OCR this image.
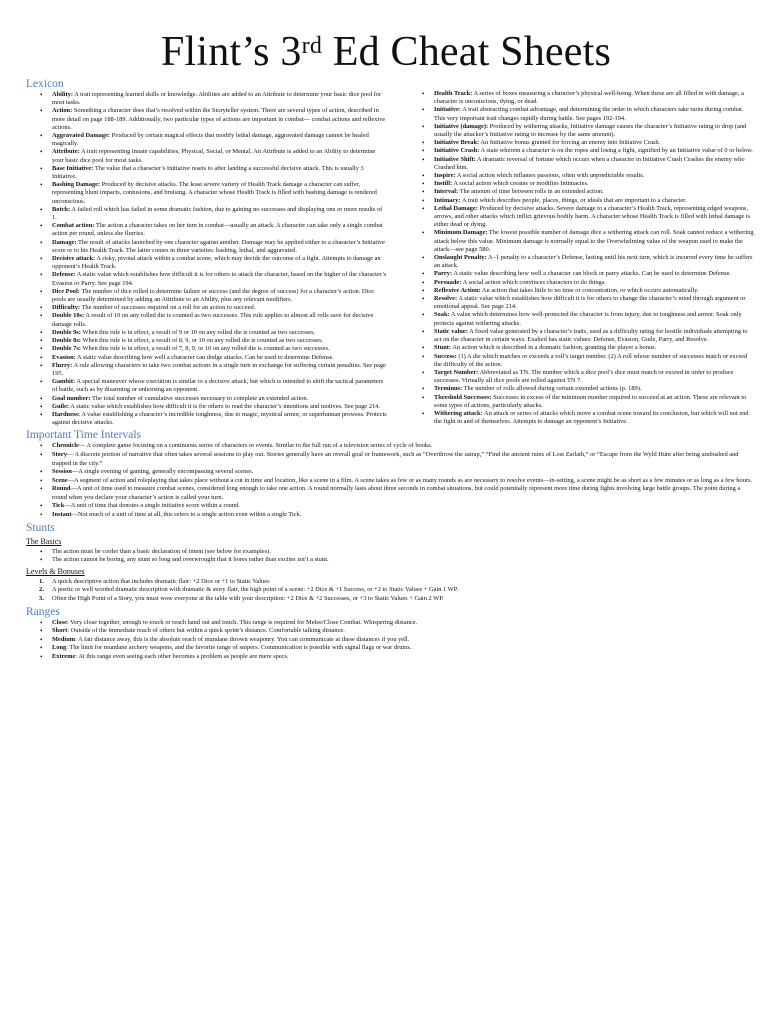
Flint’s 3rd Ed Cheat Sheets
Lexicon
• Ability: A trait representing learned skills or knowledge. Abilities are added to an Attribute to determine your basic dice pool for most tasks.
• Action: Something a character does that’s resolved within the Storyteller system. There are several types of action, described in more detail on page 188-189. Additionally, two particular types of actions are important in combat— combat actions and reflexive actions.
• Aggravated Damage: Produced by certain magical effects that modify lethal damage, aggravated damage cannot be healed magically.
• Attribute: A trait representing innate capabilities, Physical, Social, or Mental. An Attribute is added to an Ability to determine your basic dice pool for most tasks.
• Base Initiative: The value that a character’s Initiative resets to after landing a successful decisive attack. This is usually 3 Initiative.
• Bashing Damage: Produced by decisive attacks. The least severe variety of Health Track damage a character can suffer, representing blunt impacts, contusions, and bruising. A character whose Health Track is filled with bashing damage is rendered unconscious.
• Botch: A failed roll which has failed in some dramatic fashion, due to gaining no successes and displaying one or more results of 1.
• Combat action: The action a character takes on her turn in combat—usually an attack. A character can take only a single combat action per round, unless she flurries.
• Damage: The result of attacks launched by one character against another. Damage may be applied either to a character’s Initiative score or to his Health Track. The latter comes in three varieties: bashing, lethal, and aggravated.
• Decisive attack: A risky, pivotal attack within a combat scene, which may decide the outcome of a fight. Attempts to damage an opponent’s Health Track.
• Defense: A static value which establishes how difficult it is for others to attack the character, based on the higher of the character’s Evasion or Parry. See page 194.
• Dice Pool: The number of dice rolled to determine failure or success (and the degree of success) for a character’s action. Dice pools are usually determined by adding an Attribute to an Ability, plus any relevant modifiers.
• Difficulty: The number of successes required on a roll for an action to succeed.
• Double 10s: A result of 10 on any rolled die is counted as two successes. This rule applies to almost all rolls save for decisive damage rolls.
• Double 9s: When this rule is in effect, a result of 9 or 10 on any rolled die is counted as two successes.
• Double 8s: When this rule is in effect, a result of 8, 9, or 10 on any rolled die is counted as two successes.
• Double 7s: When this rule is in effect, a result of 7, 8, 9, or 10 on any rolled die is counted as two successes.
• Evasion: A static value describing how well a character can dodge attacks. Can be used to determine Defense.
• Flurry: A rule allowing characters to take two combat actions in a single turn in exchange for suffering certain penalties. See page 195.
• Gambit: A special maneuver whose execution is similar to a decisive attack, but which is intended to shift the tactical parameters of battle, such as by disarming or unhorsing an opponent.
• Goal number: The total number of cumulative successes necessary to complete an extended action.
• Guile: A static value which establishes how difficult it is for others to read the character’s intentions and motives. See page 214.
• Hardness: A value establishing a character’s incredible toughness, due to magic, mystical armor, or superhuman prowess. Protects against decisive attacks.
• Health Track: A series of boxes measuring a character’s physical well-being. When these are all filled in with damage, a character is unconscious, dying, or dead.
• Initiative: A trait abstracting combat advantage, and determining the order in which characters take turns during combat. This very important trait changes rapidly during battle. See pages 192-194.
• Initiative (damage): Produced by withering attacks, Initiative damage causes the character’s Initiative rating to drop (and usually the attacker’s Initiative rating to increase by the same amount).
• Initiative Break: An Initiative bonus granted for forcing an enemy into Initiative Crash.
• Initiative Crash: A state wherein a character is on the ropes and losing a fight, signified by an Initiative value of 0 or below.
• Initiative Shift: A dramatic reversal of fortune which occurs when a character in Initiative Crash Crashes the enemy who Crashed him.
• Inspire: A social action which inflames passions, often with unpredictable results.
• Instill: A social action which creates or modifies Intimacies.
• Interval: The amount of time between rolls in an extended action.
• Intimacy: A trait which describes people, places, things, or ideals that are important to a character.
• Lethal Damage: Produced by decisive attacks. Severe damage to a character’s Health Track, representing edged weapons, arrows, and other attacks which inflict grievous bodily harm. A character whose Health Track is filled with lethal damage is either dead or dying.
• Minimum Damage: The lowest possible number of damage dice a withering attack can roll. Soak cannot reduce a withering attack below this value. Minimum damage is normally equal to the Overwhelming value of the weapon used to make the attack—see page 580.
• Onslaught Penalty: A -1 penalty to a character’s Defense, lasting until his next turn, which is incurred every time he suffers an attack.
• Parry: A static value describing how well a character can block or parry attacks. Can be used to determine Defense.
• Persuade: A social action which convinces characters to do things.
• Reflexive Action: An action that takes little to no time or concentration, or which occurs automatically.
• Resolve: A static value which establishes how difficult it is for others to change the character’s mind through argument or emotional appeal. See page 214.
• Soak: A value which determines how well-protected the character is from injury, due to toughness and armor. Soak only protects against withering attacks.
• Static value: A fixed value generated by a character’s traits, used as a difficulty rating for hostile individuals attempting to act on the character in certain ways. Exalted has static values: Defense, Evasion, Guile, Parry, and Resolve.
• Stunt: An action which is described in a dramatic fashion, granting the player a bonus.
• Success: (1) A die which matches or exceeds a roll’s target number. (2) A roll whose number of successes match or exceed the difficulty of the action.
• Target Number: Abbreviated as TN. The number which a dice pool’s dice must match or exceed in order to produce successes. Virtually all dice pools are rolled against TN 7.
• Terminus: The number of rolls allowed during certain extended actions (p. 189).
• Threshold Successes: Successes in excess of the minimum number required to succeed at an action. These are relevant to some types of actions, particularly attacks.
• Withering attack: An attack or series of attacks which move a combat scene toward its conclusion, but which will not end the fight in and of themselves. Attempts to damage an opponent’s Initiative.
Important Time Intervals
• Chronicle— A complete game focusing on a continuous series of characters or events. Similar to the full run of a television series of cycle of books.
• Story— A discrete portion of narrative that often takes several sessions to play out. Stories generally have an overall goal or framework, such as “Overthrow the satrap,” “Find the ancient ruins of Lost Zarlath,” or “Escape from the Wyld Hunt after being ambushed and trapped in the city.”
• Session—A single evening of gaming, generally encompassing several scenes.
• Scene—A segment of action and roleplaying that takes place without a cut in time and location, like a scene in a film. A scene takes as few or as many rounds as are necessary to resolve events—in-setting, a scene might be as short as a few minutes or as long as a few hours.
• Round—A unit of time used to measure combat scenes, considered long enough to take one action. A round normally lasts about three seconds in combat situations, but could potentially represent more time during fights involving large battle groups. The point during a round when you declare your character’s action is called your turn.
• Tick—A unit of time that denotes a single initiative score within a round.
• Instant—Not much of a unit of time at all, this refers to a single action even within a single Tick.
Stunts
The Basics
• The action must be cooler than a basic declaration of intent (see below for examples).
• The action cannot be boring, any stunt so long and overwrought that it bores rather than excites isn’t a stunt.
Levels & Bonuses
1. A quick descriptive action that includes dramatic flair: +2 Dice or +1 to Static Values
2. A poetic or well worded dramatic description with dramatic & story flair, the high point of a scene: +2 Dice & +1 Success, or +2 to Static Values + Gain 1 WP.
3. Often the High Point of a Story, you must wow everyone at the table with your description: +2 Dice & +2 Successes, or +3 to Static Values + Gain 2 WP.
Ranges
• Close: Very close together, enough to touch or reach hand out and touch. This range is required for Melee/Close Combat. Whispering distance.
• Short: Outside of the immediate reach of others but within a quick sprint’s distance. Comfortable talking distance.
• Medium: A fair distance away, this is the absolute reach of mundane thrown weaponry. You can communicate at these distances if you yell.
• Long: The limit for mundane archery weapons, and the favorite range of snipers. Communication is possible with signal flags or war drums.
• Extreme: At this range even seeing each other becomes a problem as people are mere specs.
